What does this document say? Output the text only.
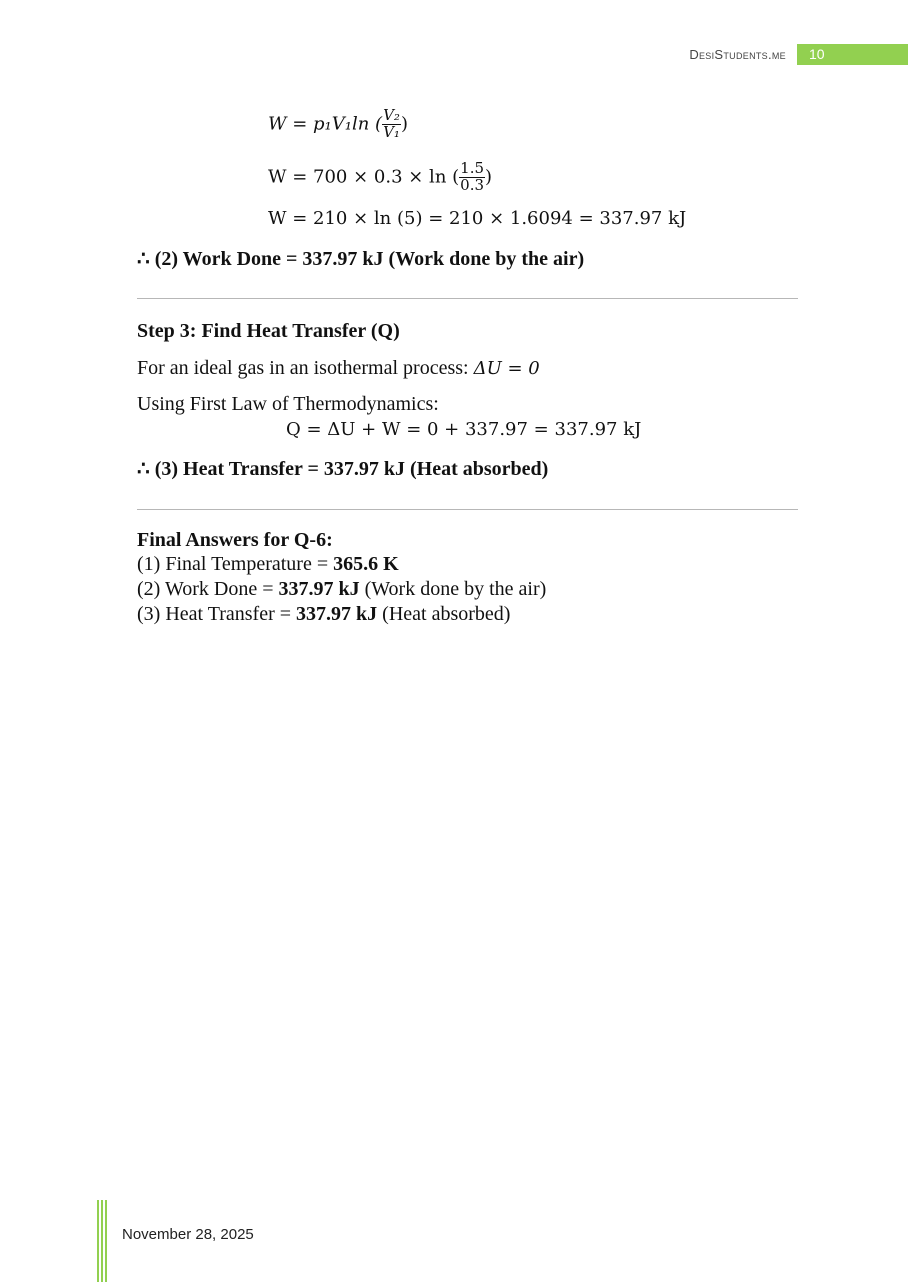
DesiStudents.me	10
W = p₁V₁ln ( $\frac{\text{V₂}}{\text{V₁}}$ )
W = 700 × 0.3 × ln ( $\frac{1.5}{0.3}$ )
W = 210 × ln (5) = 210 × 1.6094 = 337.97 kJ
∴ (2) Work Done = 337.97 kJ (Work done by the air)
Step 3: Find Heat Transfer (Q)
For an ideal gas in an isothermal process: ΔU = 0
Using First Law of Thermodynamics:
Q = ΔU + W = 0 + 337.97 = 337.97 kJ
∴ (3) Heat Transfer = 337.97 kJ (Heat absorbed)
Final Answers for Q-6:
(1) Final Temperature = 365.6 K
(2) Work Done = 337.97 kJ (Work done by the air)
(3) Heat Transfer = 337.97 kJ (Heat absorbed)
November 28, 2025
